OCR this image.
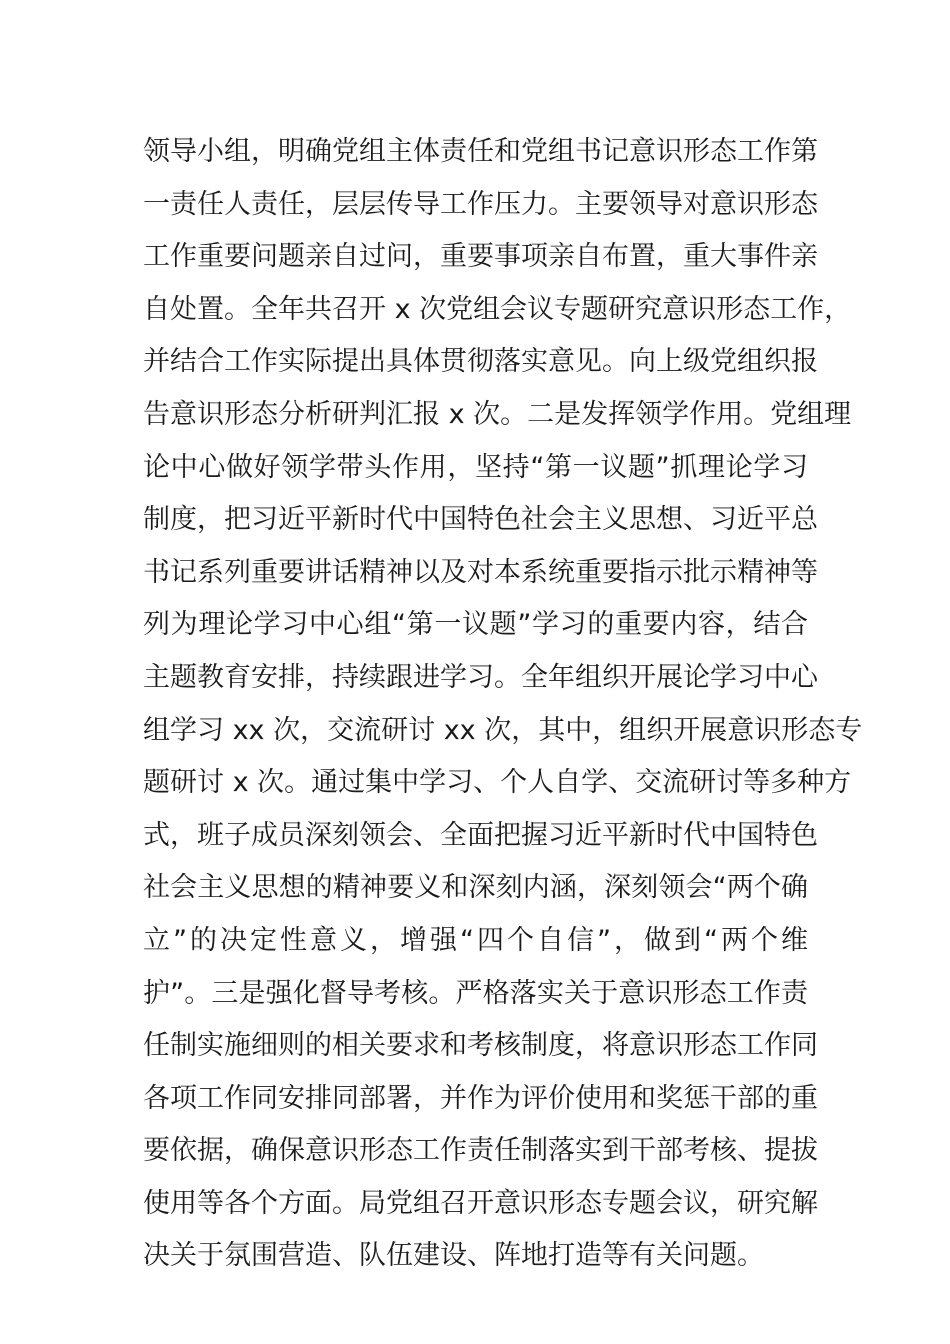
领导小组，明确党组主体责任和党组书记意识形态工作第
一责任人责任，层层传导工作压力。主要领导对意识形态
工作重要问题亲自过问，重要事项亲自布置，重大事件亲
自处置。全年共召开 x 次党组会议专题研究意识形态工作，
并结合工作实际提出具体贯彻落实意见。向上级党组织报
告意识形态分析研判汇报 x 次。二是发挥领学作用。党组理
论中心做好领学带头作用，坚持“第一议题”抓理论学习
制度，把习近平新时代中国特色社会主义思想、习近平总
书记系列重要讲话精神以及对本系统重要指示批示精神等
列为理论学习中心组“第一议题”学习的重要内容，结合
主题教育安排，持续跟进学习。全年组织开展论学习中心
组学习 xx 次，交流研讨 xx 次，其中，组织开展意识形态专
题研讨 x 次。通过集中学习、个人自学、交流研讨等多种方
式，班子成员深刻领会、全面把握习近平新时代中国特色
社会主义思想的精神要义和深刻内涵，深刻领会“两个确
立”的决定性意义，增强“四个自信”，做到“两个维
护”。三是强化督导考核。严格落实关于意识形态工作责
任制实施细则的相关要求和考核制度，将意识形态工作同
各项工作同安排同部署，并作为评价使用和奖惩干部的重
要依据，确保意识形态工作责任制落实到干部考核、提拔
使用等各个方面。局党组召开意识形态专题会议，研究解
决关于氛围营造、队伍建设、阵地打造等有关问题。
